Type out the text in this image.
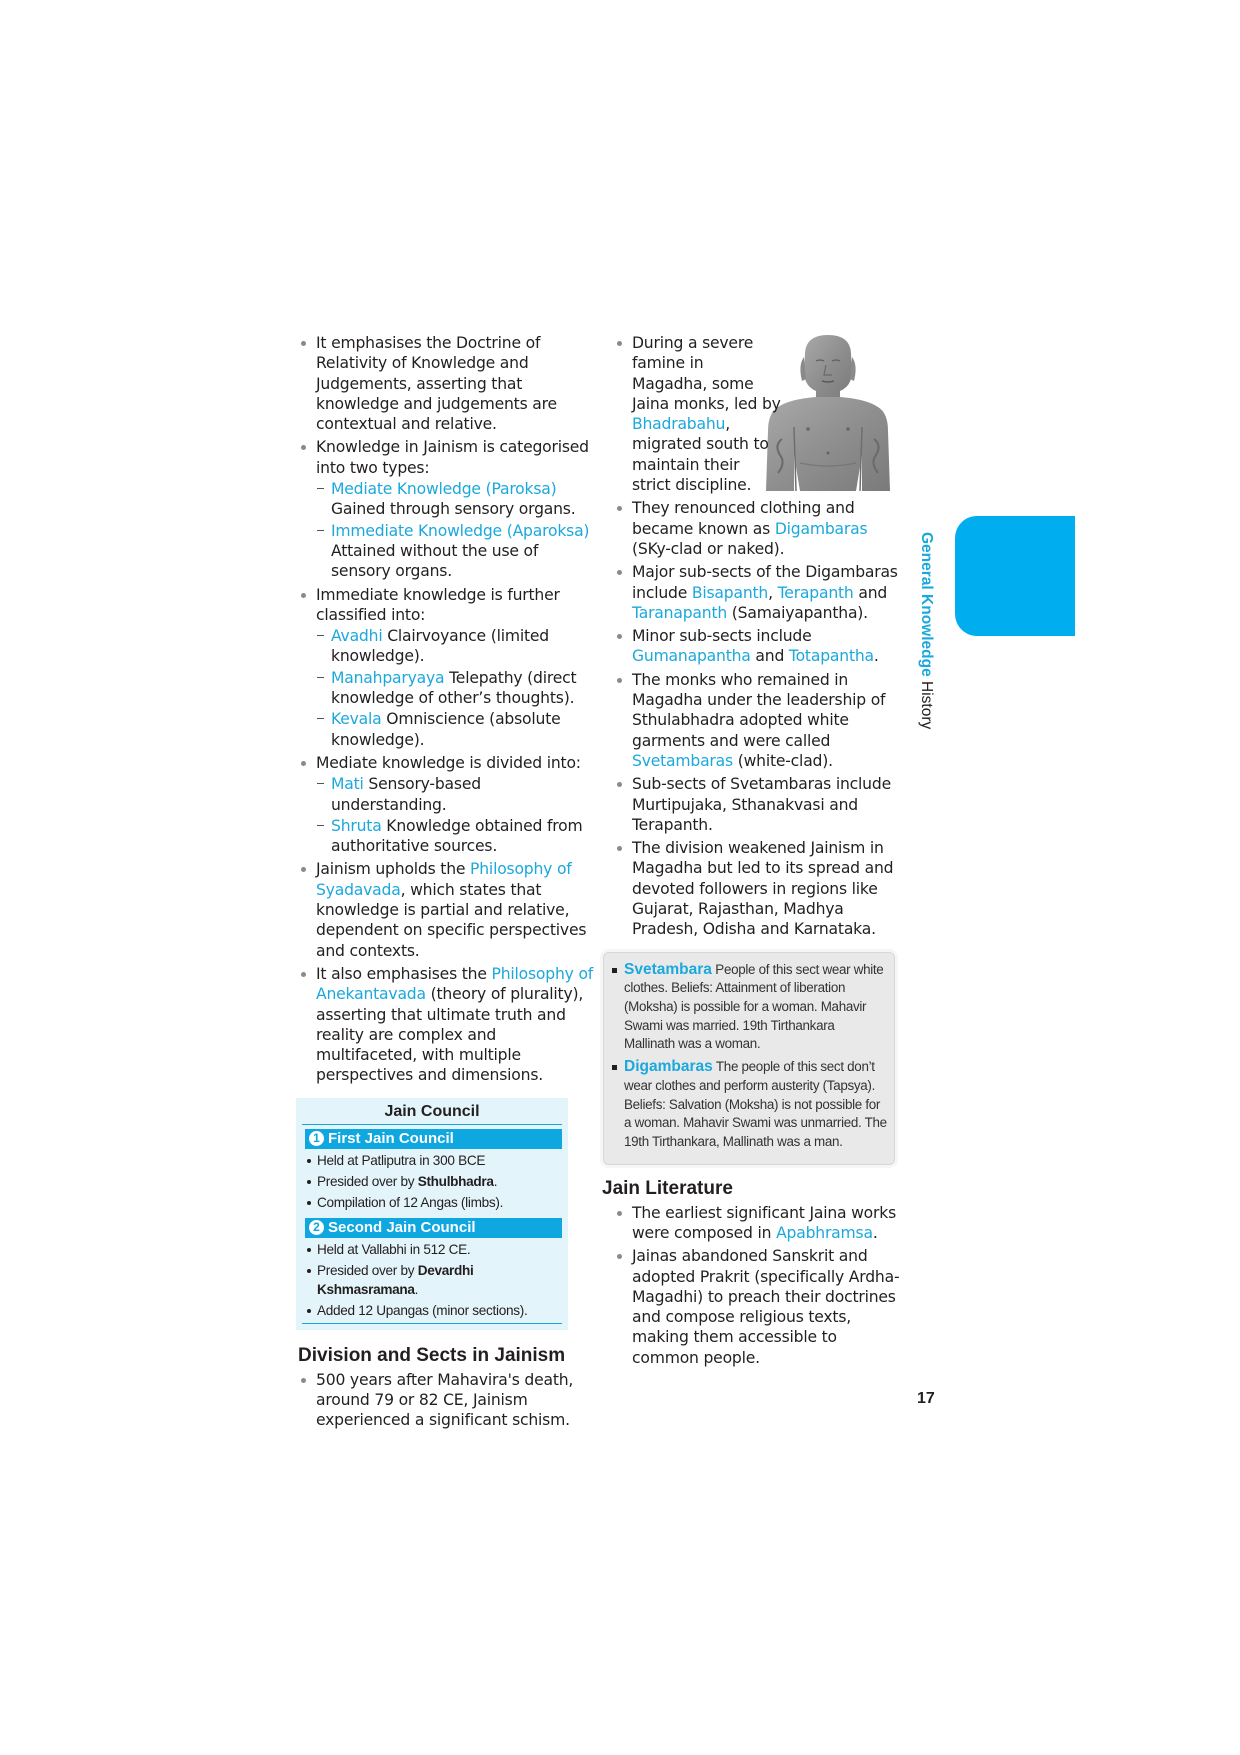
It emphasises the Doctrine of Relativity of Knowledge and Judgements, asserting that knowledge and judgements are contextual and relative.
Knowledge in Jainism is categorised into two types:
Mediate Knowledge (Paroksa) Gained through sensory organs.
Immediate Knowledge (Aparoksa) Attained without the use of sensory organs.
Immediate knowledge is further classified into:
Avadhi Clairvoyance (limited knowledge).
Manahparyaya Telepathy (direct knowledge of other’s thoughts).
Kevala Omniscience (absolute knowledge).
Mediate knowledge is divided into:
Mati Sensory-based understanding.
Shruta Knowledge obtained from authoritative sources.
Jainism upholds the Philosophy of Syadavada, which states that knowledge is partial and relative, dependent on specific perspectives and contexts.
It also emphasises the Philosophy of Anekantavada (theory of plurality), asserting that ultimate truth and reality are complex and multifaceted, with multiple perspectives and dimensions.
Jain Council
1 First Jain Council
Held at Patliputra in 300 BCE
Presided over by Sthulbhadra.
Compilation of 12 Angas (limbs).
2 Second Jain Council
Held at Vallabhi in 512 CE.
Presided over by Devardhi Kshmasramana.
Added 12 Upangas (minor sections).
Division and Sects in Jainism
500 years after Mahavira's death, around 79 or 82 CE, Jainism experienced a significant schism.
During a severe famine in Magadha, some Jaina monks, led by Bhadrabahu, migrated south to maintain their strict discipline.
They renounced clothing and became known as Digambaras (SKy-clad or naked).
Major sub-sects of the Digambaras include Bisapanth, Terapanth and Taranapanth (Samaiyapantha).
Minor sub-sects include Gumanapantha and Totapantha.
The monks who remained in Magadha under the leadership of Sthulabhadra adopted white garments and were called Svetambaras (white-clad).
Sub-sects of Svetambaras include Murtipujaka, Sthanakvasi and Terapanth.
The division weakened Jainism in Magadha but led to its spread and devoted followers in regions like Gujarat, Rajasthan, Madhya Pradesh, Odisha and Karnataka.
Svetambara People of this sect wear white clothes. Beliefs: Attainment of liberation (Moksha) is possible for a woman. Mahavir Swami was married. 19th Tirthankara Mallinath was a woman.
Digambaras The people of this sect don’t wear clothes and perform austerity (Tapsya). Beliefs: Salvation (Moksha) is not possible for a woman. Mahavir Swami was unmarried. The 19th Tirthankara, Mallinath was a man.
Jain Literature
The earliest significant Jaina works were composed in Apabhramsa.
Jainas abandoned Sanskrit and adopted Prakrit (specifically Ardha-Magadhi) to preach their doctrines and compose religious texts, making them accessible to common people.
General Knowledge History
17
